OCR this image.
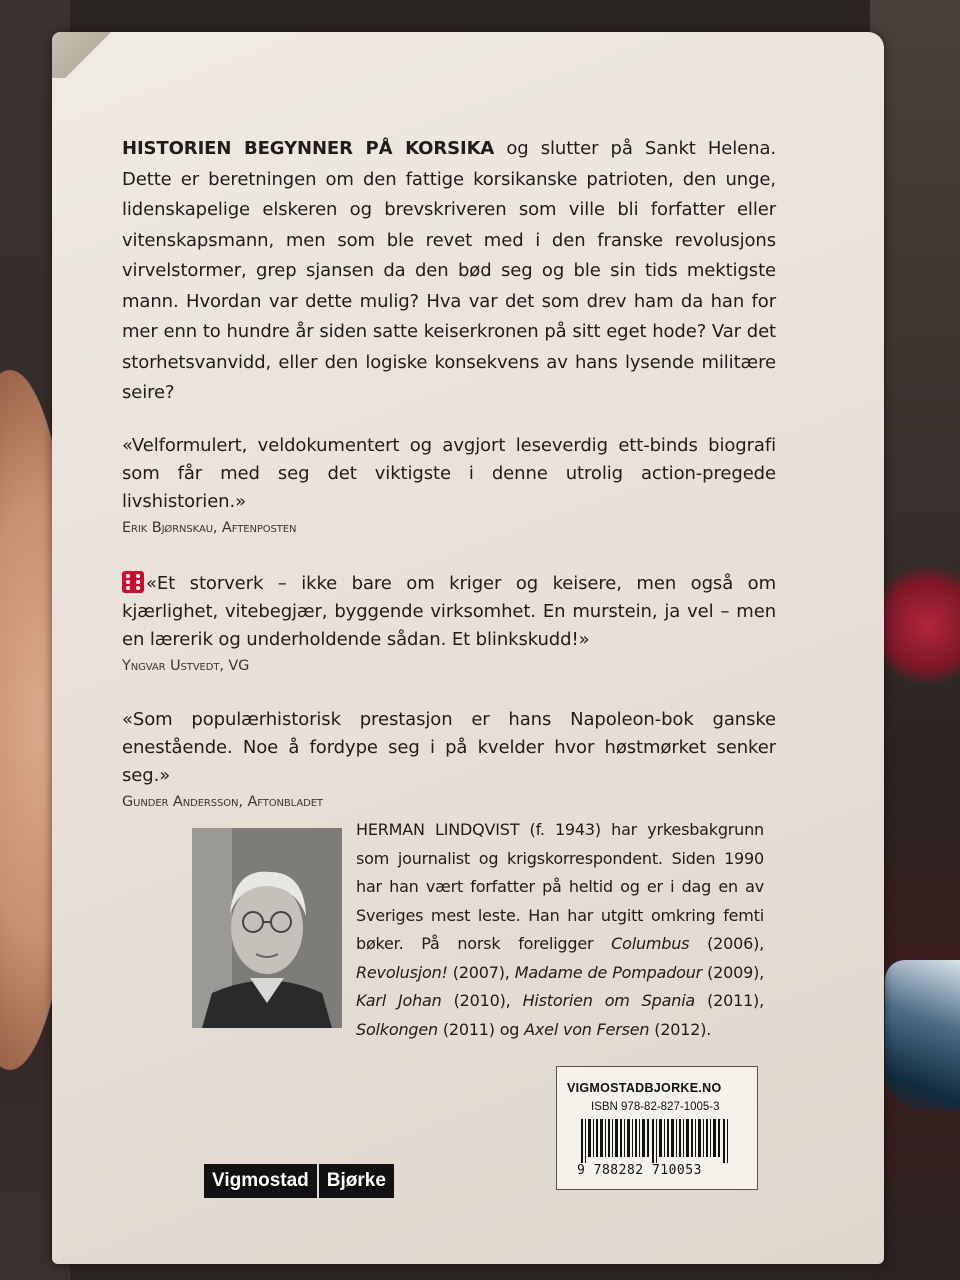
HISTORIEN BEGYNNER PÅ KORSIKA og slutter på Sankt Helena. Dette er beretningen om den fattige korsikanske patrioten, den unge, lidenskapelige elskeren og brevskriveren som ville bli forfatter eller vitenskapsmann, men som ble revet med i den franske revolusjons virvelstormer, grep sjansen da den bød seg og ble sin tids mektigste mann. Hvordan var dette mulig? Hva var det som drev ham da han for mer enn to hundre år siden satte keiserkronen på sitt eget hode? Var det storhetsvanvidd, eller den logiske konsekvens av hans lysende militære seire?
«Velformulert, veldokumentert og avgjort leseverdig ett-binds biografi som får med seg det viktigste i denne utrolig action-pregede livshistorien.»
Erik Bjørnskau, Aftenposten
«Et storverk – ikke bare om kriger og keisere, men også om kjærlighet, vitebegjær, byggende virksomhet. En murstein, ja vel – men en lærerik og underholdende sådan. Et blinkskudd!»
Yngvar Ustvedt, VG
«Som populærhistorisk prestasjon er hans Napoleon-bok ganske enestående. Noe å fordype seg i på kvelder hvor høstmørket senker seg.»
Gunder Andersson, Aftonbladet
HERMAN LINDQVIST (f. 1943) har yrkesbakgrunn som journalist og krigskorrespondent. Siden 1990 har han vært forfatter på heltid og er i dag en av Sveriges mest leste. Han har utgitt omkring femti bøker. På norsk foreligger Columbus (2006), Revolusjon! (2007), Madame de Pompadour (2009), Karl Johan (2010), Historien om Spania (2011), Solkongen (2011) og Axel von Fersen (2012).
Vigmostad Bjørke
VIGMOSTADBJORKE.NO
ISBN 978-82-827-1005-3
9 788282 710053
